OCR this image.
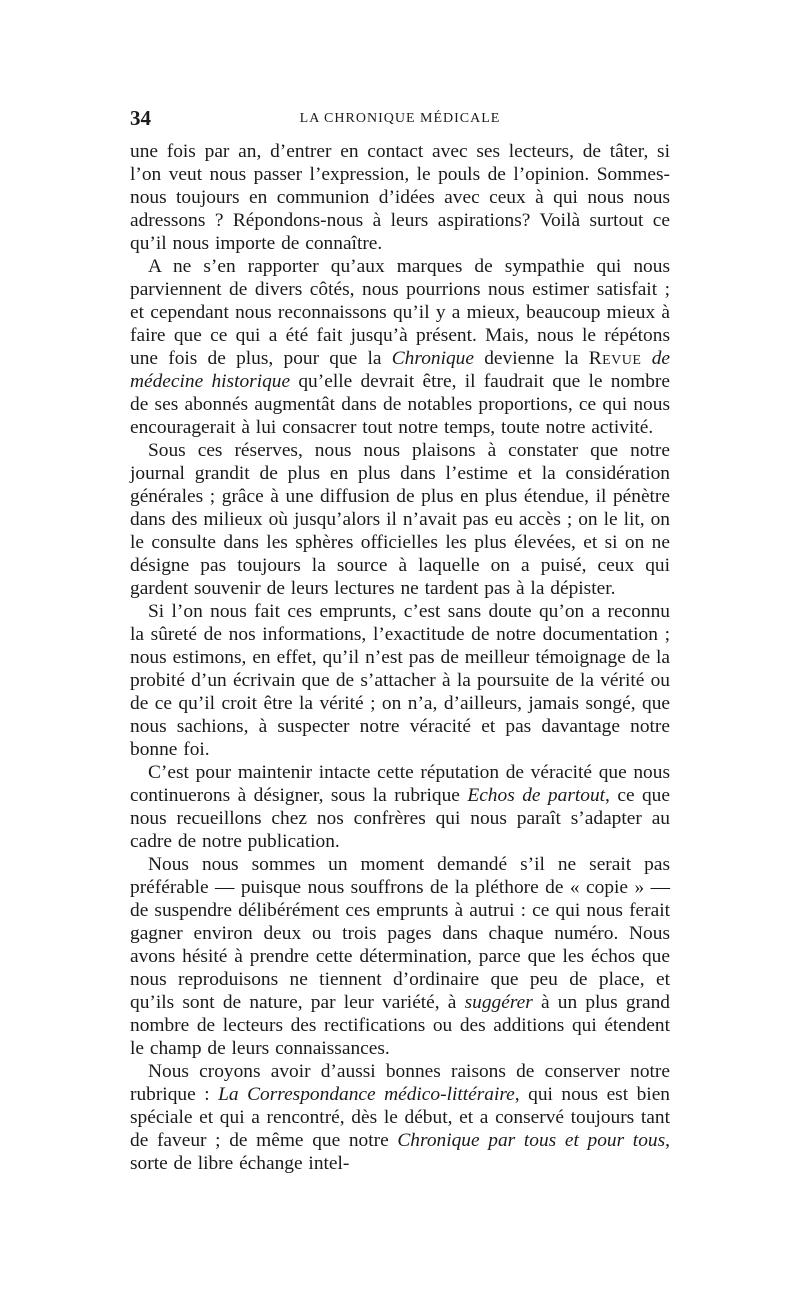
34	LA CHRONIQUE MÉDICALE

une fois par an, d’entrer en contact avec ses lecteurs, de tâter, si l’on veut nous passer l’expression, le pouls de l’opinion. Sommes-nous toujours en communion d’idées avec ceux à qui nous nous adressons ? Répondons-nous à leurs aspirations? Voilà surtout ce qu’il nous importe de connaître.

A ne s’en rapporter qu’aux marques de sympathie qui nous parviennent de divers côtés, nous pourrions nous estimer satisfait ; et cependant nous reconnaissons qu’il y a mieux, beaucoup mieux à faire que ce qui a été fait jusqu’à présent. Mais, nous le répétons une fois de plus, pour que la Chronique devienne la Revue de médecine historique qu’elle devrait être, il faudrait que le nombre de ses abonnés augmentât dans de notables proportions, ce qui nous encouragerait à lui consacrer tout notre temps, toute notre activité.

Sous ces réserves, nous nous plaisons à constater que notre journal grandit de plus en plus dans l’estime et la considération générales ; grâce à une diffusion de plus en plus étendue, il pénètre dans des milieux où jusqu’alors il n’avait pas eu accès ; on le lit, on le consulte dans les sphères officielles les plus élevées, et si on ne désigne pas toujours la source à laquelle on a puisé, ceux qui gardent souvenir de leurs lectures ne tardent pas à la dépister.

Si l’on nous fait ces emprunts, c’est sans doute qu’on a reconnu la sûreté de nos informations, l’exactitude de notre documentation ; nous estimons, en effet, qu’il n’est pas de meilleur témoignage de la probité d’un écrivain que de s’attacher à la poursuite de la vérité ou de ce qu’il croit être la vérité ; on n’a, d’ailleurs, jamais songé, que nous sachions, à suspecter notre véracité et pas davantage notre bonne foi.

C’est pour maintenir intacte cette réputation de véracité que nous continuerons à désigner, sous la rubrique Echos de partout, ce que nous recueillons chez nos confrères qui nous paraît s’adapter au cadre de notre publication.

Nous nous sommes un moment demandé s’il ne serait pas préférable — puisque nous souffrons de la pléthore de « copie » — de suspendre délibérément ces emprunts à autrui : ce qui nous ferait gagner environ deux ou trois pages dans chaque numéro. Nous avons hésité à prendre cette détermination, parce que les échos que nous reproduisons ne tiennent d’ordinaire que peu de place, et qu’ils sont de nature, par leur variété, à suggérer à un plus grand nombre de lecteurs des rectifications ou des additions qui étendent le champ de leurs connaissances.

Nous croyons avoir d’aussi bonnes raisons de conserver notre rubrique : La Correspondance médico-littéraire, qui nous est bien spéciale et qui a rencontré, dès le début, et a conservé toujours tant de faveur ; de même que notre Chronique par tous et pour tous, sorte de libre échange intel-
